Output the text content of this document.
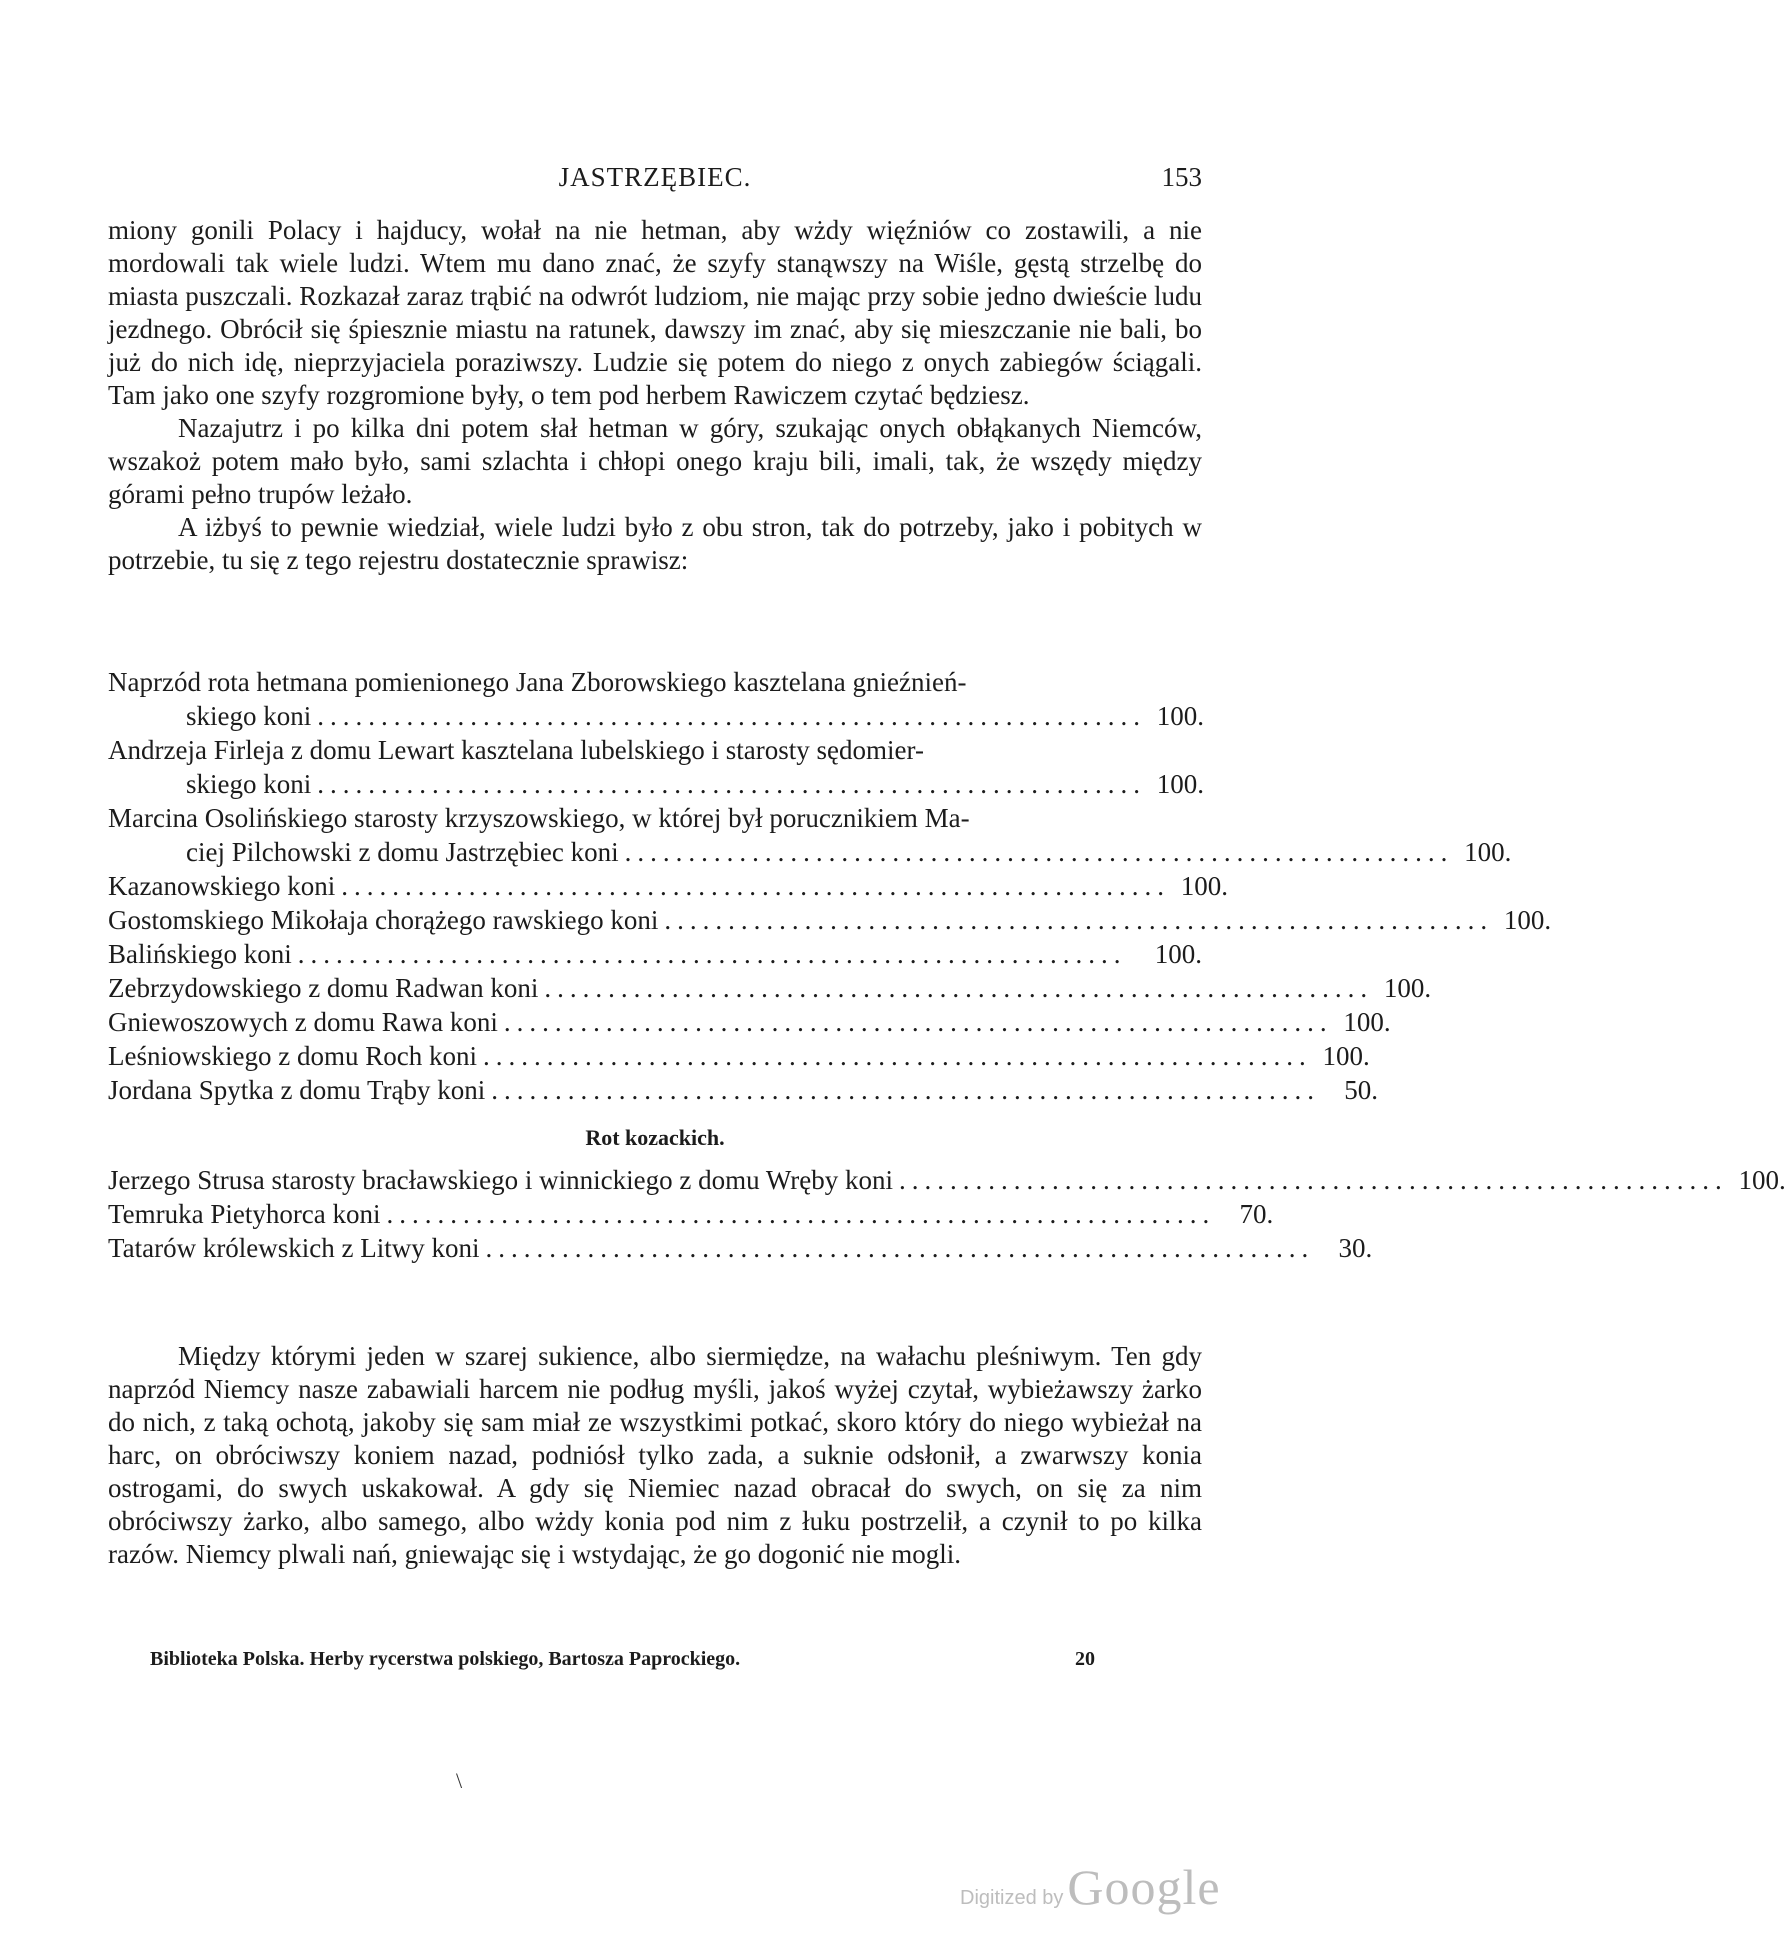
JASTRZĘBIEC.	153

miony gonili Polacy i hajducy, wołał na nie hetman, aby wżdy więźniów co zostawili, a nie mordowali tak wiele ludzi. Wtem mu dano znać, że szyfy stanąwszy na Wiśle, gęstą strzelbę do miasta puszczali. Rozkazał zaraz trąbić na odwrót ludziom, nie mając przy sobie jedno dwieście ludu jezdnego. Obrócił się śpiesznie miastu na ratunek, dawszy im znać, aby się mieszczanie nie bali, bo już do nich idę, nieprzyjaciela poraziwszy. Ludzie się potem do niego z onych zabiegów ściągali. Tam jako one szyfy rozgromione były, o tem pod herbem Rawiczem czytać będziesz.

Nazajutrz i po kilka dni potem słał hetman w góry, szukając onych obłąkanych Niemców, wszakoż potem mało było, sami szlachta i chłopi onego kraju bili, imali, tak, że wszędy między górami pełno trupów leżało.

A iżbyś to pewnie wiedział, wiele ludzi było z obu stron, tak do potrzeby, jako i pobitych w potrzebie, tu się z tego rejestru dostatecznie sprawisz:

Naprzód rota hetmana pomienionego Jana Zborowskiego kasztelana gnieźnień-
skiego koni ................................................................. 100.
Andrzeja Firleja z domu Lewart kasztelana lubelskiego i starosty sędomier-
skiego koni ................................................................. 100.
Marcina Osolińskiego starosty krzyszowskiego, w której był porucznikiem Ma-
ciej Pilchowski z domu Jastrzębiec koni ................................................................. 100.
Kazanowskiego koni ................................................................. 100.
Gostomskiego Mikołaja chorążego rawskiego koni ................................................................. 100.
Balińskiego koni .................................................................	100.
Zebrzydowskiego z domu Radwan koni ................................................................. 100.
Gniewoszowych z domu Rawa koni ................................................................. 100.
Leśniowskiego z domu Roch koni ................................................................. 100.
Jordana Spytka z domu Trąby koni ................................................................. 50.
Rot kozackich.
Jerzego Strusa starosty bracławskiego i winnickiego z domu Wręby koni ................................................................. 100.
Temruka Pietyhorca koni ................................................................. 70.
Tatarów królewskich z Litwy koni ................................................................. 30.

Między którymi jeden w szarej sukience, albo siermiędze, na wałachu pleśniwym. Ten gdy naprzód Niemcy nasze zabawiali harcem nie podług myśli, jakoś wyżej czytał, wybieżawszy żarko do nich, z taką ochotą, jakoby się sam miał ze wszystkimi potkać, skoro który do niego wybieżał na harc, on obróciwszy koniem nazad, podniósł tylko zada, a suknie odsłonił, a zwarwszy konia ostrogami, do swych uskakował. A gdy się Niemiec nazad obracał do swych, on się za nim obróciwszy żarko, albo samego, albo wżdy konia pod nim z łuku postrzelił, a czynił to po kilka razów. Niemcy plwali nań, gniewając się i wstydając, że go dogonić nie mogli.

Biblioteka Polska. Herby rycerstwa polskiego, Bartosza Paprockiego.	20
\
Digitized by Google
